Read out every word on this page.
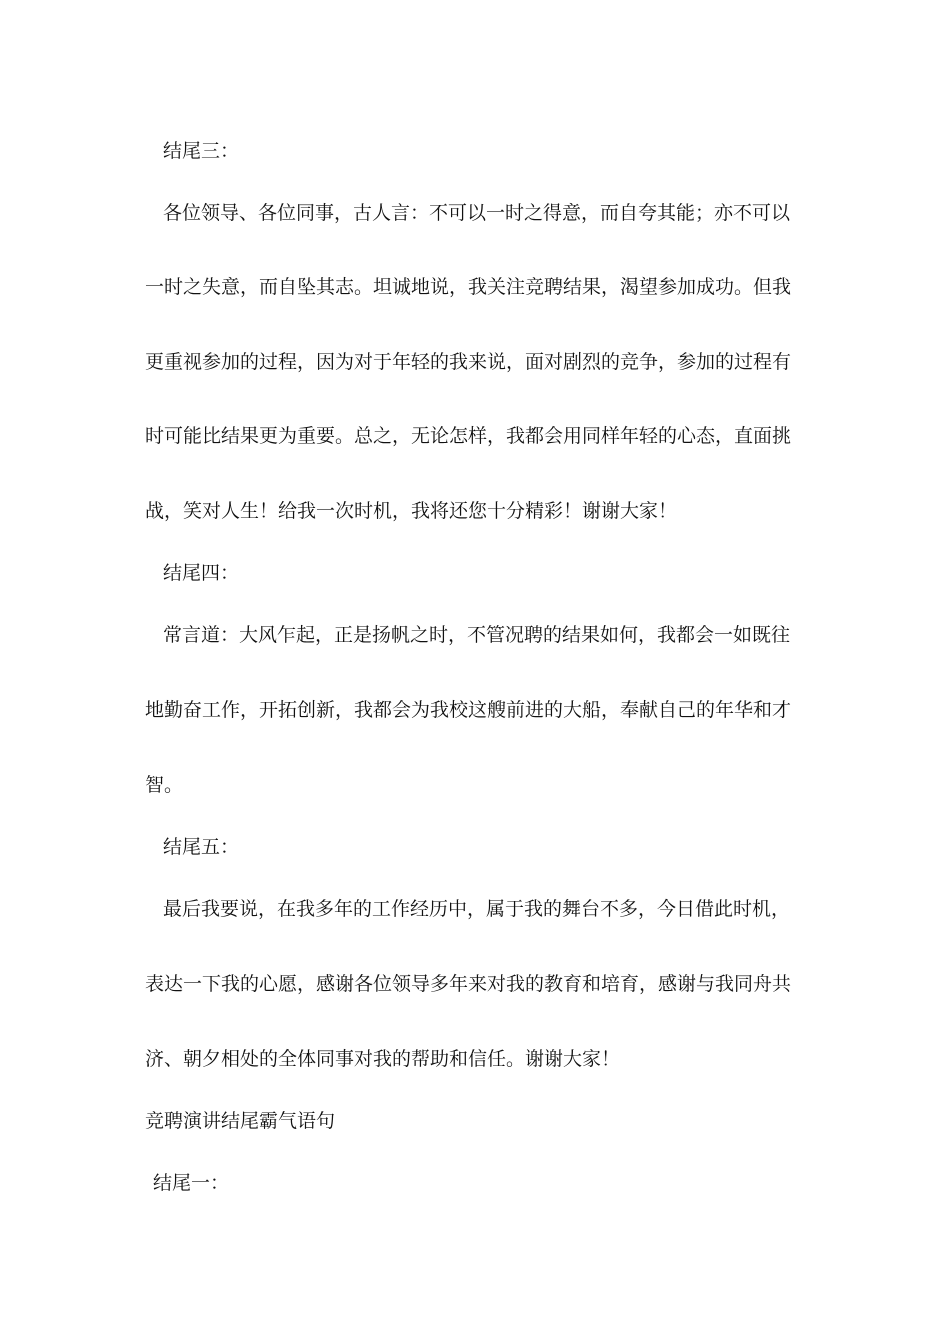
结尾三：
各位领导、各位同事，古人言：不可以一时之得意，而自夸其能；亦不可以
一时之失意，而自坠其志。坦诚地说，我关注竞聘结果，渴望参加成功。但我
更重视参加的过程，因为对于年轻的我来说，面对剧烈的竞争，参加的过程有
时可能比结果更为重要。总之，无论怎样，我都会用同样年轻的心态，直面挑
战，笑对人生！给我一次时机，我将还您十分精彩！谢谢大家！
结尾四：
常言道：大风乍起，正是扬帆之时，不管况聘的结果如何，我都会一如既往
地勤奋工作，开拓创新，我都会为我校这艘前进的大船，奉献自己的年华和才
智。
结尾五：
最后我要说，在我多年的工作经历中，属于我的舞台不多，今日借此时机，
表达一下我的心愿，感谢各位领导多年来对我的教育和培育，感谢与我同舟共
济、朝夕相处的全体同事对我的帮助和信任。谢谢大家！
竞聘演讲结尾霸气语句
结尾一：
